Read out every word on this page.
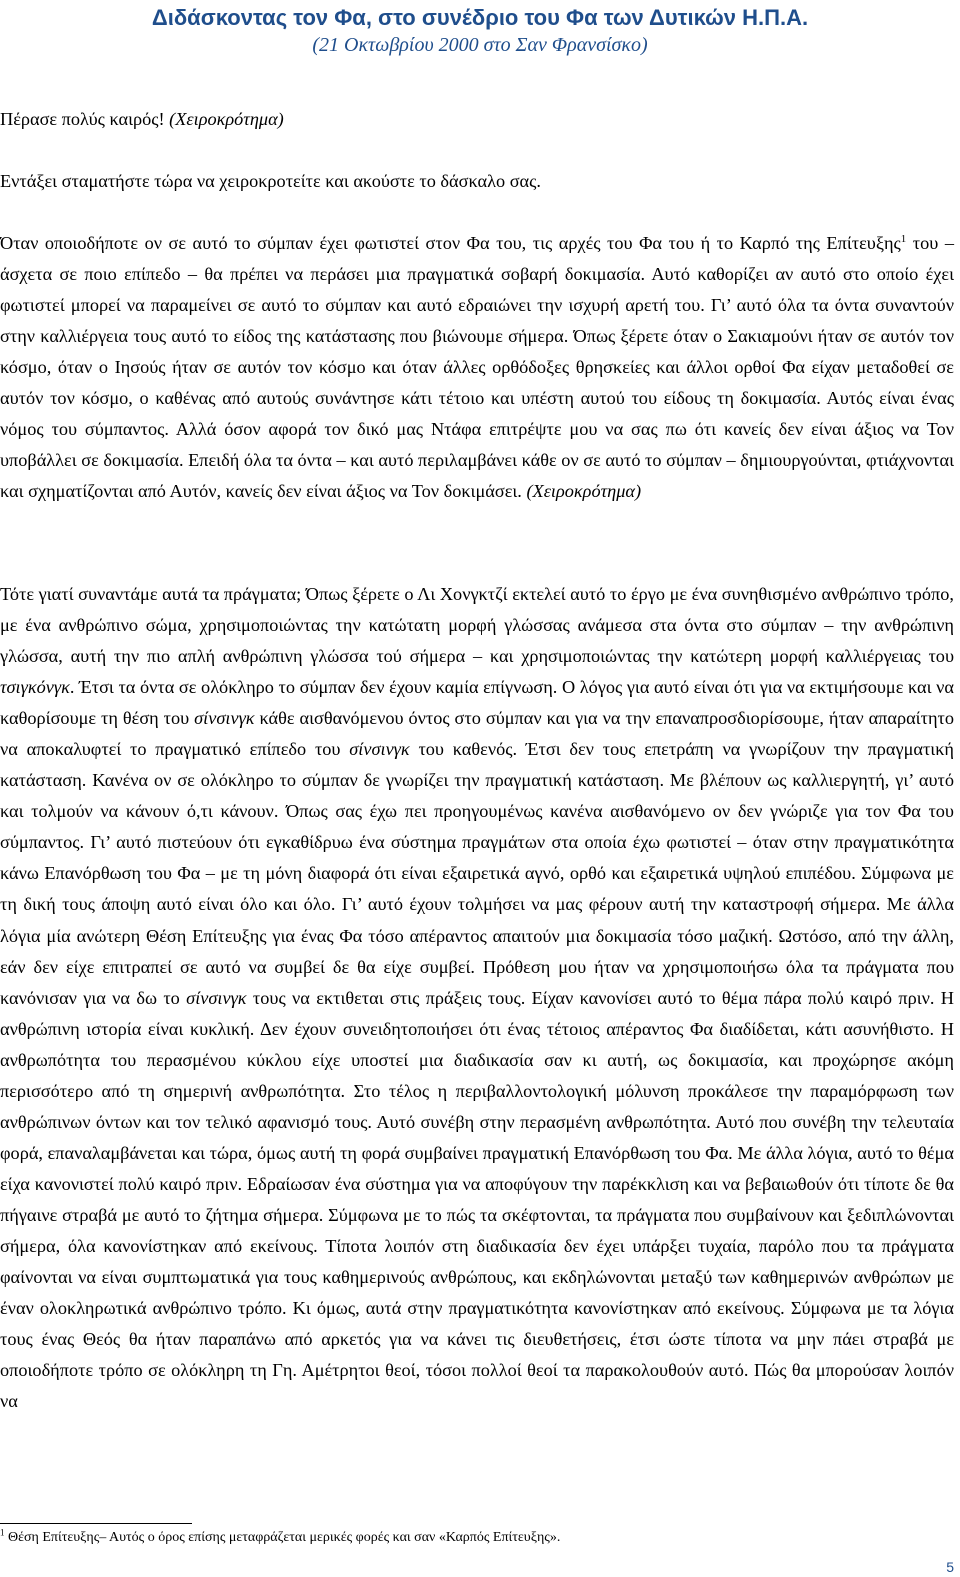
Διδάσκοντας τον Φα, στο συνέδριο του Φα των Δυτικών Η.Π.Α.
(21 Οκτωβρίου 2000 στο Σαν Φρανσίσκο)
Πέρασε πολύς καιρός! (Χειροκρότημα)
Εντάξει σταματήστε τώρα να χειροκροτείτε και ακούστε το δάσκαλο σας.
Όταν οποιοδήποτε ον σε αυτό το σύμπαν έχει φωτιστεί στον Φα του, τις αρχές του Φα του ή το Καρπό της Επίτευξης$^1$ του – άσχετα σε ποιο επίπεδο – θα πρέπει να περάσει μια πραγματικά σοβαρή δοκιμασία. Αυτό καθορίζει αν αυτό στο οποίο έχει φωτιστεί μπορεί να παραμείνει σε αυτό το σύμπαν και αυτό εδραιώνει την ισχυρή αρετή του. Γι’ αυτό όλα τα όντα συναντούν στην καλλιέργεια τους αυτό το είδος της κατάστασης που βιώνουμε σήμερα. Όπως ξέρετε όταν ο Σακιαμούνι ήταν σε αυτόν τον κόσμο, όταν ο Ιησούς ήταν σε αυτόν τον κόσμο και όταν άλλες ορθόδοξες θρησκείες και άλλοι ορθοί Φα είχαν μεταδοθεί σε αυτόν τον κόσμο, ο καθένας από αυτούς συνάντησε κάτι τέτοιο και υπέστη αυτού του είδους τη δοκιμασία. Αυτός είναι ένας νόμος του σύμπαντος. Αλλά όσον αφορά τον δικό μας Ντάφα επιτρέψτε μου να σας πω ότι κανείς δεν είναι άξιος να Τον υποβάλλει σε δοκιμασία. Επειδή όλα τα όντα – και αυτό περιλαμβάνει κάθε ον σε αυτό το σύμπαν – δημιουργούνται, φτιάχνονται και σχηματίζονται από Αυτόν, κανείς δεν είναι άξιος να Τον δοκιμάσει. (Χειροκρότημα)
Τότε γιατί συναντάμε αυτά τα πράγματα; Όπως ξέρετε ο Λι Χονγκτζί εκτελεί αυτό το έργο με ένα συνηθισμένο ανθρώπινο τρόπο, με ένα ανθρώπινο σώμα, χρησιμοποιώντας την κατώτατη μορφή γλώσσας ανάμεσα στα όντα στο σύμπαν – την ανθρώπινη γλώσσα, αυτή την πιο απλή ανθρώπινη γλώσσα τού σήμερα – και χρησιμοποιώντας την κατώτερη μορφή καλλιέργειας του τσιγκόνγκ. Έτσι τα όντα σε ολόκληρο το σύμπαν δεν έχουν καμία επίγνωση. Ο λόγος για αυτό είναι ότι για να εκτιμήσουμε και να καθορίσουμε τη θέση του σίνσινγκ κάθε αισθανόμενου όντος στο σύμπαν και για να την επαναπροσδιορίσουμε, ήταν απαραίτητο να αποκαλυφτεί το πραγματικό επίπεδο του σίνσινγκ του καθενός. Έτσι δεν τους επετράπη να γνωρίζουν την πραγματική κατάσταση. Κανένα ον σε ολόκληρο το σύμπαν δε γνωρίζει την πραγματική κατάσταση. Με βλέπουν ως καλλιεργητή, γι’ αυτό και τολμούν να κάνουν ό,τι κάνουν. Όπως σας έχω πει προηγουμένως κανένα αισθανόμενο ον δεν γνώριζε για τον Φα του σύμπαντος. Γι’ αυτό πιστεύουν ότι εγκαθίδρυω ένα σύστημα πραγμάτων στα οποία έχω φωτιστεί – όταν στην πραγματικότητα κάνω Επανόρθωση του Φα – με τη μόνη διαφορά ότι είναι εξαιρετικά αγνό, ορθό και εξαιρετικά υψηλού επιπέδου. Σύμφωνα με τη δική τους άποψη αυτό είναι όλο και όλο. Γι’ αυτό έχουν τολμήσει να μας φέρουν αυτή την καταστροφή σήμερα. Με άλλα λόγια μία ανώτερη Θέση Επίτευξης για ένας Φα τόσο απέραντος απαιτούν μια δοκιμασία τόσο μαζική. Ωστόσο, από την άλλη, εάν δεν είχε επιτραπεί σε αυτό να συμβεί δε θα είχε συμβεί. Πρόθεση μου ήταν να χρησιμοποιήσω όλα τα πράγματα που κανόνισαν για να δω το σίνσινγκ τους να εκτιθεται στις πράξεις τους. Είχαν κανονίσει αυτό το θέμα πάρα πολύ καιρό πριν. Η ανθρώπινη ιστορία είναι κυκλική. Δεν έχουν συνειδητοποιήσει ότι ένας τέτοιος απέραντος Φα διαδίδεται, κάτι ασυνήθιστο. Η ανθρωπότητα του περασμένου κύκλου είχε υποστεί μια διαδικασία σαν κι αυτή, ως δοκιμασία, και προχώρησε ακόμη περισσότερο από τη σημερινή ανθρωπότητα. Στο τέλος η περιβαλλοντολογική μόλυνση προκάλεσε την παραμόρφωση των ανθρώπινων όντων και τον τελικό αφανισμό τους. Αυτό συνέβη στην περασμένη ανθρωπότητα. Αυτό που συνέβη την τελευταία φορά, επαναλαμβάνεται και τώρα, όμως αυτή τη φορά συμβαίνει πραγματική Επανόρθωση του Φα. Με άλλα λόγια, αυτό το θέμα είχα κανονιστεί πολύ καιρό πριν. Εδραίωσαν ένα σύστημα για να αποφύγουν την παρέκκλιση και να βεβαιωθούν ότι τίποτε δε θα πήγαινε στραβά με αυτό το ζήτημα σήμερα. Σύμφωνα με το πώς τα σκέφτονται, τα πράγματα που συμβαίνουν και ξεδιπλώνονται σήμερα, όλα κανονίστηκαν από εκείνους. Τίποτα λοιπόν στη διαδικασία δεν έχει υπάρξει τυχαία, παρόλο που τα πράγματα φαίνονται να είναι συμπτωματικά για τους καθημερινούς ανθρώπους, και εκδηλώνονται μεταξύ των καθημερινών ανθρώπων με έναν ολοκληρωτικά ανθρώπινο τρόπο. Κι όμως, αυτά στην πραγματικότητα κανονίστηκαν από εκείνους. Σύμφωνα με τα λόγια τους ένας Θεός θα ήταν παραπάνω από αρκετός για να κάνει τις διευθετήσεις, έτσι ώστε τίποτα να μην πάει στραβά με οποιοδήποτε τρόπο σε ολόκληρη τη Γη. Αμέτρητοι θεοί, τόσοι πολλοί θεοί τα παρακολουθούν αυτό. Πώς θα μπορούσαν λοιπόν να
$^1$ Θέση Επίτευξης– Αυτός ο όρος επίσης μεταφράζεται μερικές φορές και σαν «Καρπός Επίτευξης».
5
